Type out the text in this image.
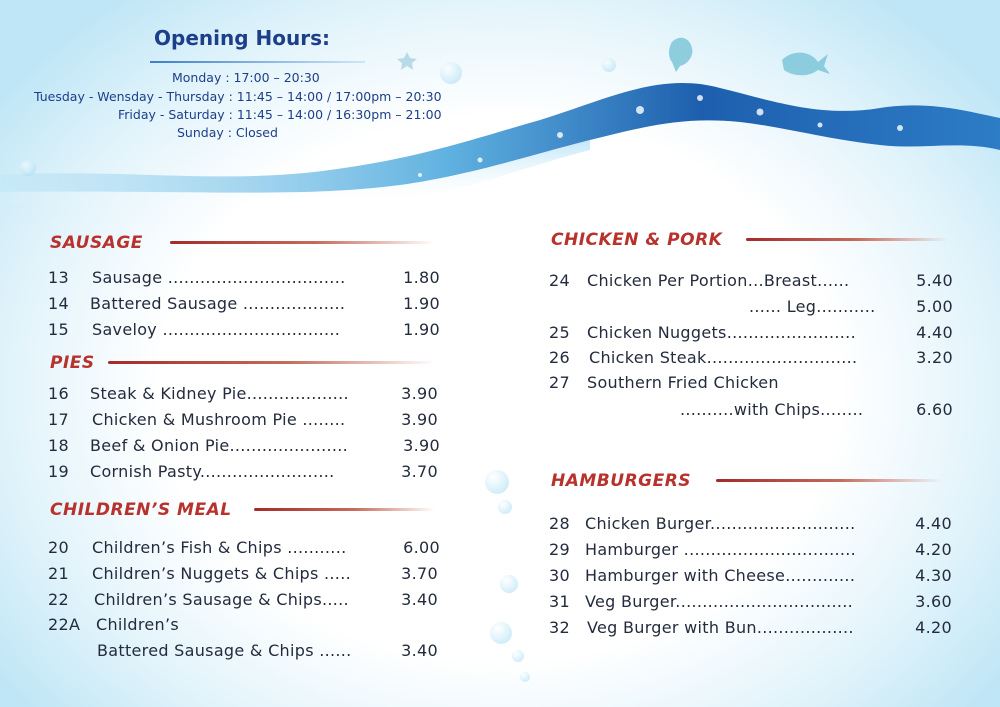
Opening Hours:
Monday : 17:00 – 20:30
Tuesday - Wensday - Thursday : 11:45 – 14:00 / 17:00pm – 20:30
Friday - Saturday : 11:45 – 14:00 / 16:30pm – 21:00
Sunday : Closed
SAUSAGE
13 Sausage .................................	1.80
14 Battered Sausage ...................	1.90
15 Saveloy .................................	1.90
PIES
16 Steak & Kidney Pie...................	3.90
17 Chicken & Mushroom Pie ........	3.90
18 Beef & Onion Pie......................	3.90
19 Cornish Pasty.........................	3.70
CHILDREN’S MEAL
20 Children’s Fish & Chips ...........	6.00
21 Children’s Nuggets & Chips .....	3.70
22 Children’s Sausage & Chips.....	3.40
22A Children’s
Battered Sausage & Chips ......	3.40
CHICKEN & PORK
24 Chicken Per Portion...Breast......	5.40
...... Leg...........	5.00
25 Chicken Nuggets........................	4.40
26 Chicken Steak............................	3.20
27 Southern Fried Chicken
..........with Chips........	6.60
HAMBURGERS
28 Chicken Burger...........................	4.40
29 Hamburger ................................	4.20
30 Hamburger with Cheese.............	4.30
31 Veg Burger.................................	3.60
32 Veg Burger with Bun..................	4.20
